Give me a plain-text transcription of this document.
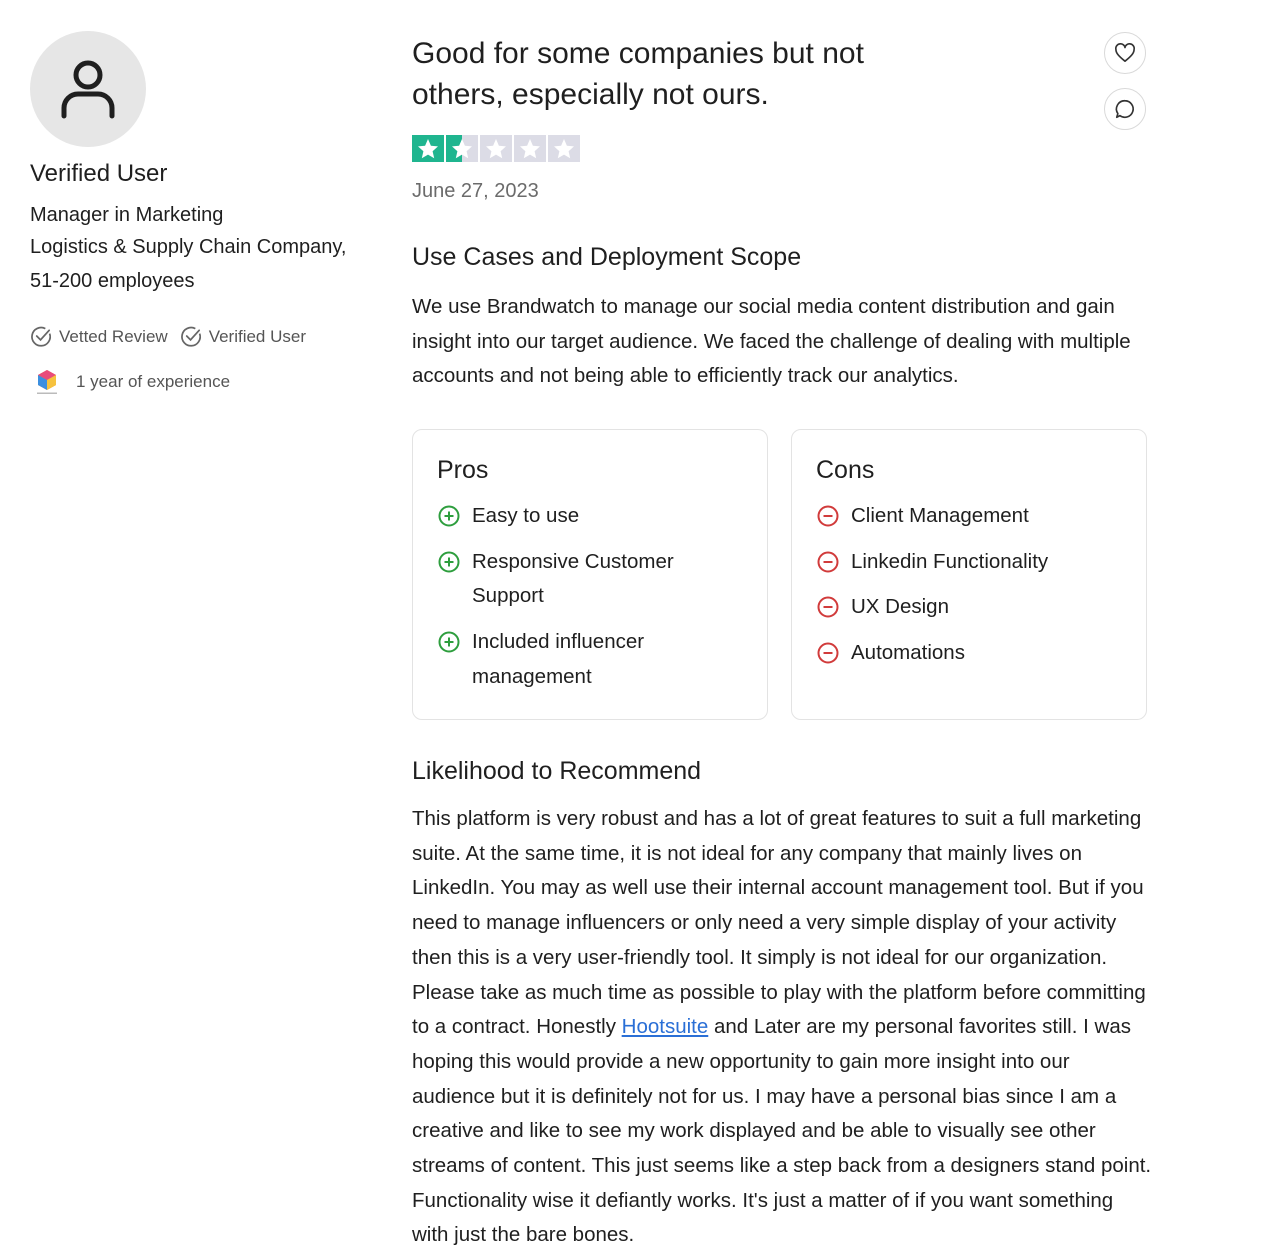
Verified User
Manager in Marketing
Logistics & Supply Chain Company, 51-200 employees
Vetted Review Verified User
1 year of experience
Good for some companies but not others, especially not ours.
June 27, 2023
Use Cases and Deployment Scope

We use Brandwatch to manage our social media content distribution and gain insight into our target audience. We faced the challenge of dealing with multiple accounts and not being able to efficiently track our analytics.

Pros
Easy to use
Responsive Customer Support
Included influencer management
Cons
Client Management
Linkedin Functionality
UX Design
Automations
Likelihood to Recommend

This platform is very robust and has a lot of great features to suit a full marketing suite. At the same time, it is not ideal for any company that mainly lives on LinkedIn. You may as well use their internal account management tool. But if you need to manage influencers or only need a very simple display of your activity then this is a very user-friendly tool. It simply is not ideal for our organization. Please take as much time as possible to play with the platform before committing to a contract. Honestly Hootsuite and Later are my personal favorites still. I was hoping this would provide a new opportunity to gain more insight into our audience but it is definitely not for us. I may have a personal bias since I am a creative and like to see my work displayed and be able to visually see other streams of content. This just seems like a step back from a designers stand point. Functionality wise it defiantly works. It's just a matter of if you want something with just the bare bones.
